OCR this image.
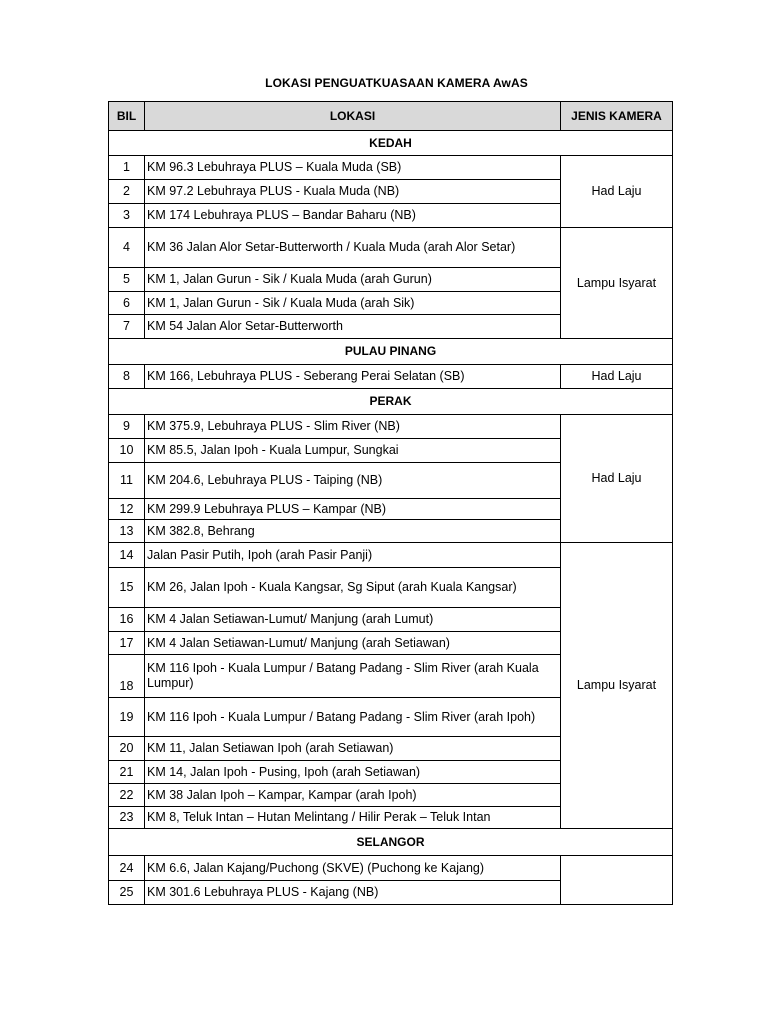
LOKASI PENGUATKUASAAN KAMERA AwAS
BIL	LOKASI	JENIS KAMERA
KEDAH		
1	KM 96.3 Lebuhraya PLUS – Kuala Muda (SB)	Had Laju
2	KM 97.2 Lebuhraya PLUS - Kuala Muda (NB)	
3	KM 174 Lebuhraya PLUS – Bandar Baharu (NB)	
4	KM 36 Jalan Alor Setar-Butterworth / Kuala Muda (arah Alor Setar)	Lampu Isyarat
5	KM 1, Jalan Gurun - Sik / Kuala Muda (arah Gurun)	
6	KM 1, Jalan Gurun - Sik / Kuala Muda (arah Sik)	
7	KM 54 Jalan Alor Setar-Butterworth	
PULAU PINANG		
8	KM 166, Lebuhraya PLUS - Seberang Perai Selatan (SB)	Had Laju
PERAK		
9	KM 375.9, Lebuhraya PLUS - Slim River (NB)	Had Laju
10	KM 85.5, Jalan Ipoh - Kuala Lumpur, Sungkai	
11	KM 204.6, Lebuhraya PLUS - Taiping (NB)	
12	KM 299.9 Lebuhraya PLUS – Kampar (NB)	
13	KM 382.8, Behrang	
14	Jalan Pasir Putih, Ipoh (arah Pasir Panji)	Lampu Isyarat
15	KM 26, Jalan Ipoh - Kuala Kangsar, Sg Siput (arah Kuala Kangsar)	
16	KM 4 Jalan Setiawan-Lumut/ Manjung (arah Lumut)	
17	KM 4 Jalan Setiawan-Lumut/ Manjung (arah Setiawan)	
18	KM 116 Ipoh - Kuala Lumpur / Batang Padang - Slim River (arah Kuala Lumpur)	
19	KM 116 Ipoh - Kuala Lumpur / Batang Padang - Slim River (arah Ipoh)	
20	KM 11, Jalan Setiawan Ipoh (arah Setiawan)	
21	KM 14, Jalan Ipoh - Pusing, Ipoh (arah Setiawan)	
22	KM 38 Jalan Ipoh – Kampar, Kampar (arah Ipoh)	
23	KM 8, Teluk Intan – Hutan Melintang / Hilir Perak – Teluk Intan	
SELANGOR		
24	KM 6.6, Jalan Kajang/Puchong (SKVE) (Puchong ke Kajang)	
25	KM 301.6 Lebuhraya PLUS - Kajang (NB)	
